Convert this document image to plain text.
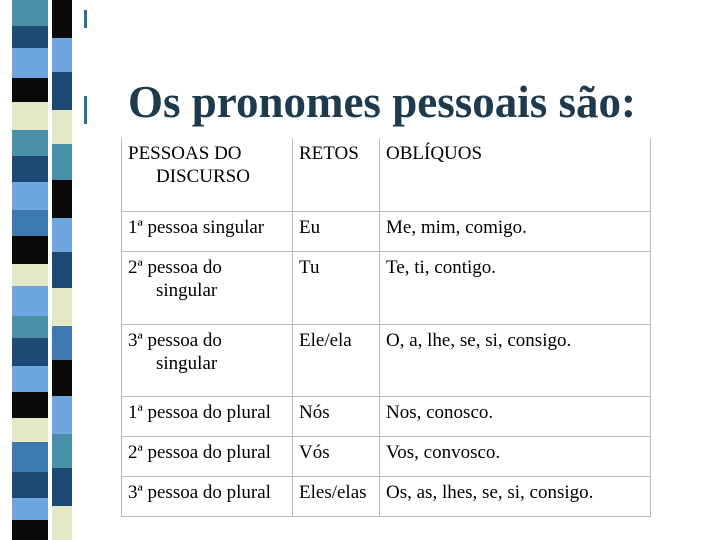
Os pronomes pessoais são:
PESSOAS DO
DISCURSO	RETOS	OBLÍQUOS
1ª pessoa singular	Eu	Me, mim, comigo.
2ª pessoa do
singular	Tu	Te, ti, contigo.
3ª pessoa do
singular	Ele/ela	O, a, lhe, se, si, consigo.
1ª pessoa do plural	Nós	Nos, conosco.
2ª pessoa do plural	Vós	Vos, convosco.
3ª pessoa do plural	Eles/elas	Os, as, lhes, se, si, consigo.
